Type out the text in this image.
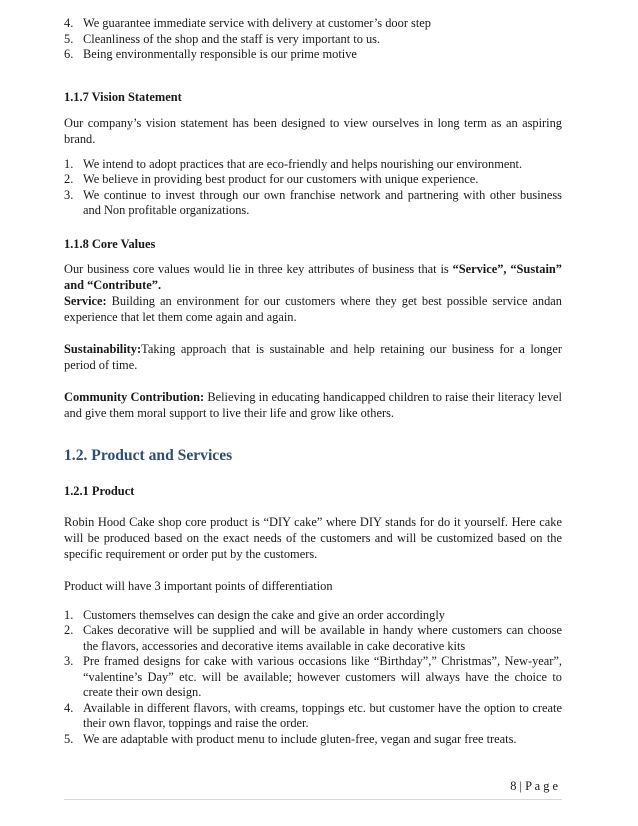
4. We guarantee immediate service with delivery at customer’s door step
5. Cleanliness of the shop and the staff is very important to us.
6. Being environmentally responsible is our prime motive
1.1.7 Vision Statement

Our company’s vision statement has been designed to view ourselves in long term as an aspiring brand.

1. We intend to adopt practices that are eco-friendly and helps nourishing our environment.
2. We believe in providing best product for our customers with unique experience.
3. We continue to invest through our own franchise network and partnering with other business and Non profitable organizations.
1.1.8 Core Values

Our business core values would lie in three key attributes of business that is “Service”, “Sustain” and “Contribute”.
Service: Building an environment for our customers where they get best possible service andan experience that let them come again and again.

Sustainability:Taking approach that is sustainable and help retaining our business for a longer period of time.

Community Contribution: Believing in educating handicapped children to raise their literacy level and give them moral support to live their life and grow like others.

1.2. Product and Services
1.2.1 Product

Robin Hood Cake shop core product is “DIY cake” where DIY stands for do it yourself. Here cake will be produced based on the exact needs of the customers and will be customized based on the specific requirement or order put by the customers.

Product will have 3 important points of differentiation

1. Customers themselves can design the cake and give an order accordingly
2. Cakes decorative will be supplied and will be available in handy where customers can choose the flavors, accessories and decorative items available in cake decorative kits
3. Pre framed designs for cake with various occasions like “Birthday”,” Christmas”, New-year”, “valentine’s Day” etc. will be available; however customers will always have the choice to create their own design.
4. Available in different flavors, with creams, toppings etc. but customer have the option to create their own flavor, toppings and raise the order.
5. We are adaptable with product menu to include gluten-free, vegan and sugar free treats.
8 | P a g e
